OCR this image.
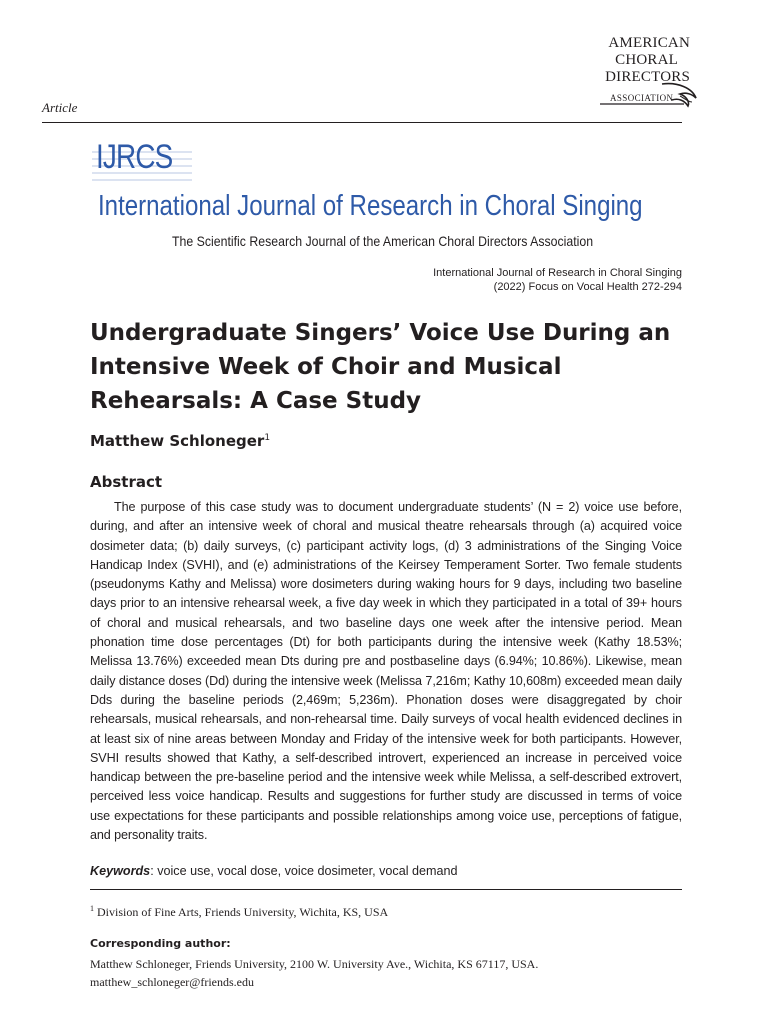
Article
AMERICAN
CHORAL
DIRECTORS
ASSOCIATION
IJRCS
International Journal of Research in Choral Singing
The Scientific Research Journal of the American Choral Directors Association
International Journal of Research in Choral Singing
(2022) Focus on Vocal Health 272-294
Undergraduate Singers’ Voice Use During an Intensive Week of Choir and Musical Rehearsals: A Case Study
Matthew Schloneger$^1$
Abstract
The purpose of this case study was to document undergraduate students’ (N = 2) voice use before, during, and after an intensive week of choral and musical theatre rehearsals through (a) acquired voice dosimeter data; (b) daily surveys, (c) participant activity logs, (d) 3 administrations of the Singing Voice Handicap Index (SVHI), and (e) administrations of the Keirsey Temperament Sorter. Two female students (pseudonyms Kathy and Melissa) wore dosimeters during waking hours for 9 days, including two baseline days prior to an intensive rehearsal week, a five day week in which they participated in a total of 39+ hours of choral and musical rehearsals, and two baseline days one week after the intensive period. Mean phonation time dose percentages (Dt) for both participants during the intensive week (Kathy 18.53%; Melissa 13.76%) exceeded mean Dts during pre and postbaseline days (6.94%; 10.86%). Likewise, mean daily distance doses (Dd) during the intensive week (Melissa 7,216m; Kathy 10,608m) exceeded mean daily Dds during the baseline periods (2,469m; 5,236m). Phonation doses were disaggregated by choir rehearsals, musical rehearsals, and non-rehearsal time. Daily surveys of vocal health evidenced declines in at least six of nine areas between Monday and Friday of the intensive week for both participants. However, SVHI results showed that Kathy, a self-described introvert, experienced an increase in perceived voice handicap between the pre-baseline period and the intensive week while Melissa, a self-described extrovert, perceived less voice handicap. Results and suggestions for further study are discussed in terms of voice use expectations for these participants and possible relationships among voice use, perceptions of fatigue, and personality traits.
Keywords: voice use, vocal dose, voice dosimeter, vocal demand
$^1$ Division of Fine Arts, Friends University, Wichita, KS, USA
Corresponding author:
Matthew Schloneger, Friends University, 2100 W. University Ave., Wichita, KS 67117, USA.
matthew_schloneger@friends.edu
